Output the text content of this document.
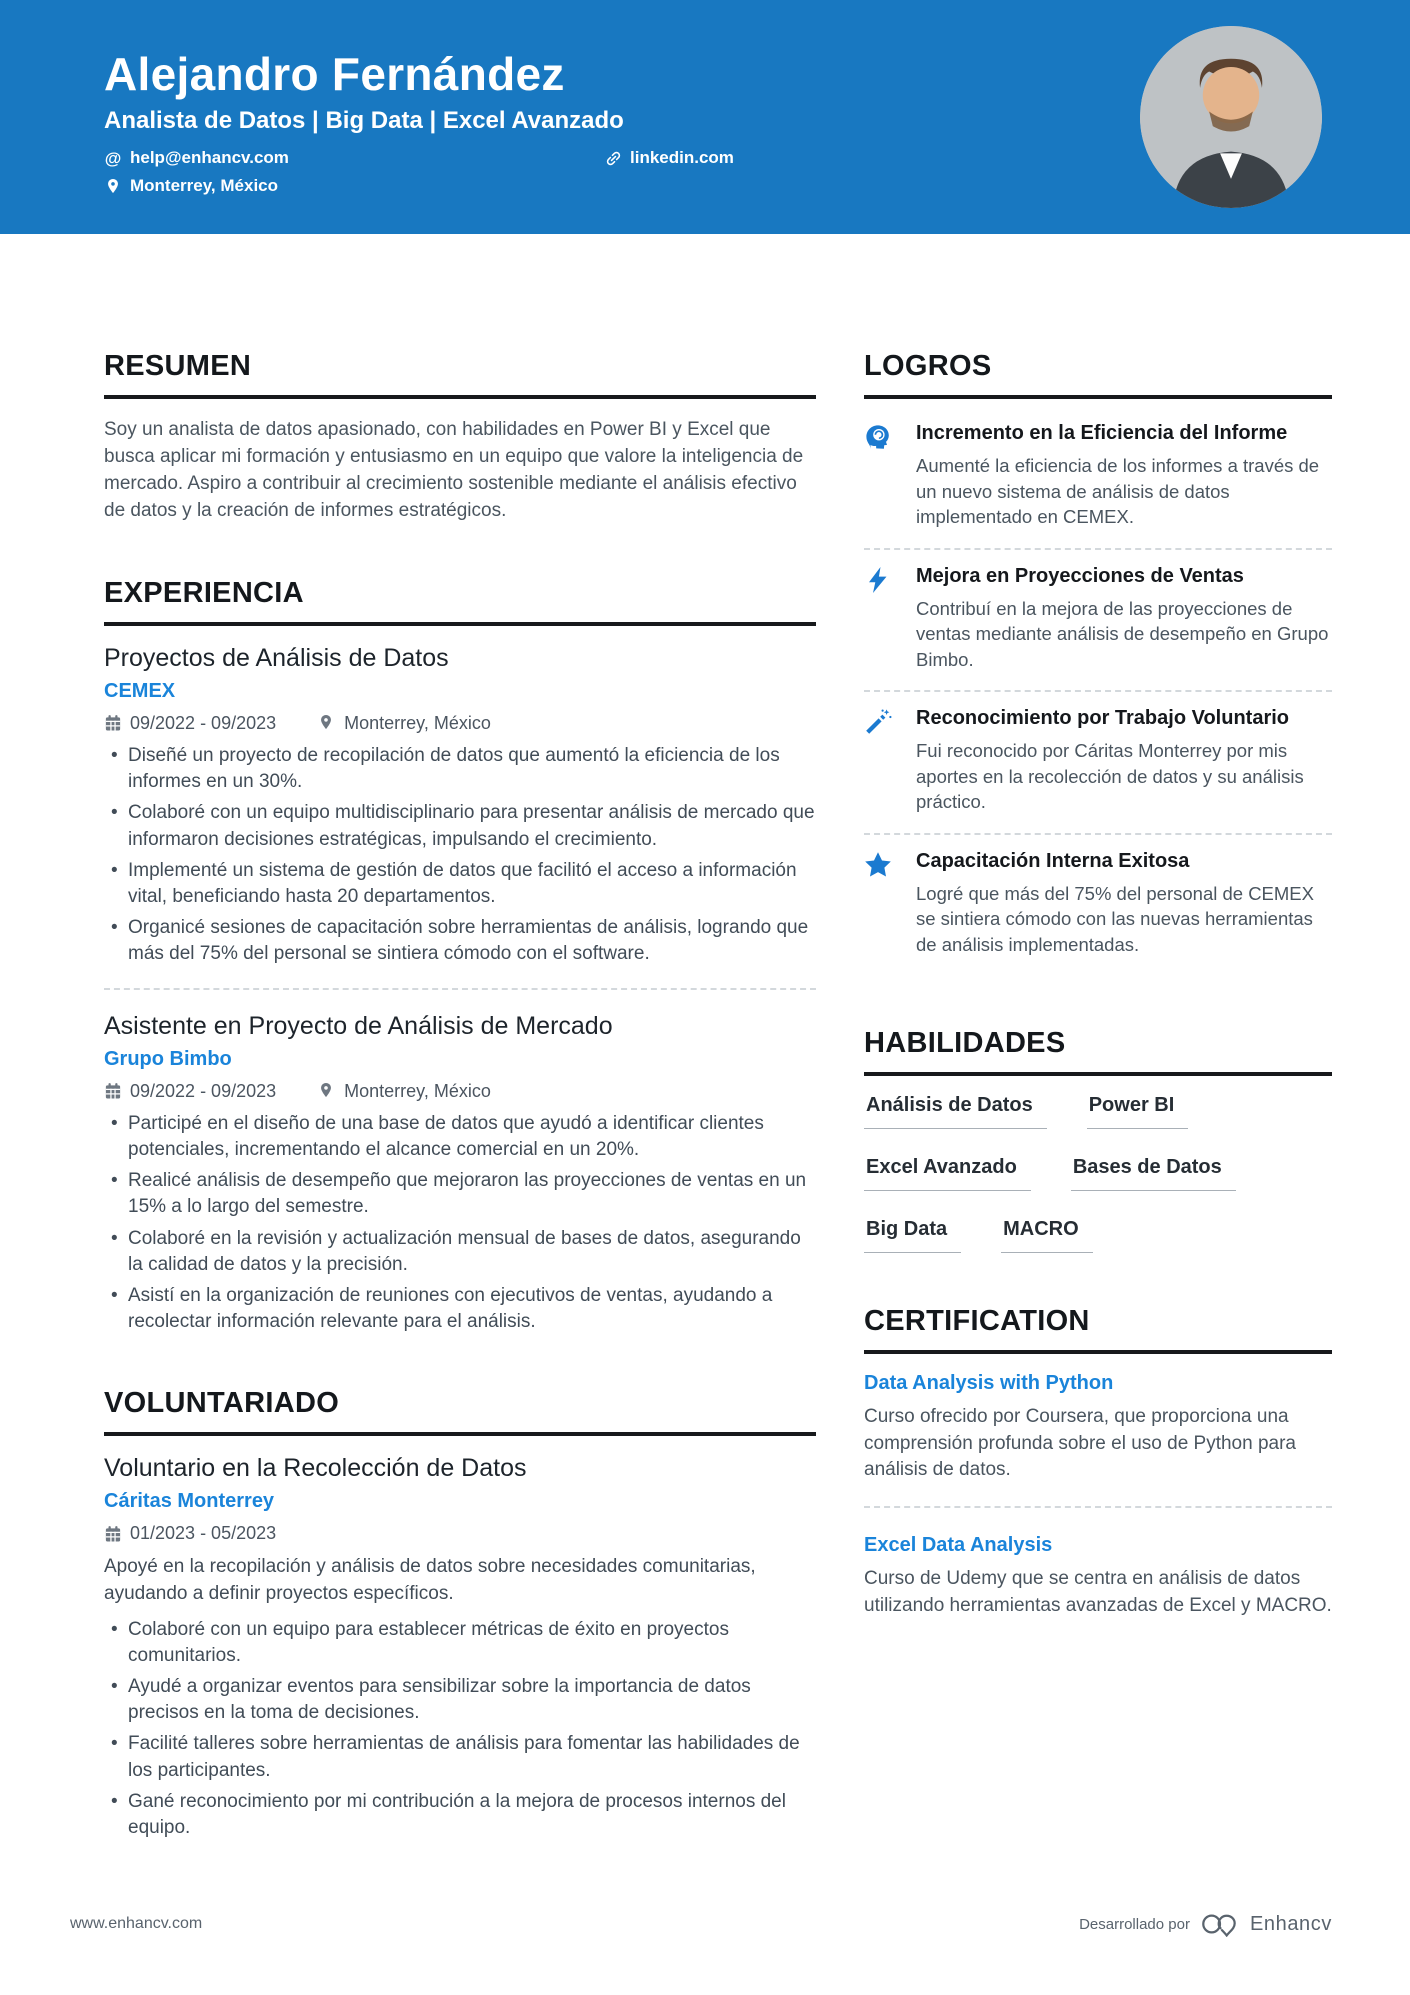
Alejandro Fernández
Analista de Datos | Big Data | Excel Avanzado
@ help@enhancv.com	linkedin.com
Monterrey, México
RESUMEN

Soy un analista de datos apasionado, con habilidades en Power BI y Excel que busca aplicar mi formación y entusiasmo en un equipo que valore la inteligencia de mercado. Aspiro a contribuir al crecimiento sostenible mediante el análisis efectivo de datos y la creación de informes estratégicos.

EXPERIENCIA
Proyectos de Análisis de Datos
CEMEX
09/2022 - 09/2023	Monterrey, México
• Diseñé un proyecto de recopilación de datos que aumentó la eficiencia de los informes en un 30%.
• Colaboré con un equipo multidisciplinario para presentar análisis de mercado que informaron decisiones estratégicas, impulsando el crecimiento.
• Implementé un sistema de gestión de datos que facilitó el acceso a información vital, beneficiando hasta 20 departamentos.
• Organicé sesiones de capacitación sobre herramientas de análisis, logrando que más del 75% del personal se sintiera cómodo con el software.
Asistente en Proyecto de Análisis de Mercado
Grupo Bimbo
09/2022 - 09/2023	Monterrey, México
• Participé en el diseño de una base de datos que ayudó a identificar clientes potenciales, incrementando el alcance comercial en un 20%.
• Realicé análisis de desempeño que mejoraron las proyecciones de ventas en un 15% a lo largo del semestre.
• Colaboré en la revisión y actualización mensual de bases de datos, asegurando la calidad de datos y la precisión.
• Asistí en la organización de reuniones con ejecutivos de ventas, ayudando a recolectar información relevante para el análisis.
VOLUNTARIADO
Voluntario en la Recolección de Datos
Cáritas Monterrey
01/2023 - 05/2023

Apoyé en la recopilación y análisis de datos sobre necesidades comunitarias, ayudando a definir proyectos específicos.

• Colaboré con un equipo para establecer métricas de éxito en proyectos comunitarios.
• Ayudé a organizar eventos para sensibilizar sobre la importancia de datos precisos en la toma de decisiones.
• Facilité talleres sobre herramientas de análisis para fomentar las habilidades de los participantes.
• Gané reconocimiento por mi contribución a la mejora de procesos internos del equipo.
LOGROS
Incremento en la Eficiencia del Informe
Aumenté la eficiencia de los informes a través de un nuevo sistema de análisis de datos implementado en CEMEX.
Mejora en Proyecciones de Ventas
Contribuí en la mejora de las proyecciones de ventas mediante análisis de desempeño en Grupo Bimbo.
Reconocimiento por Trabajo Voluntario
Fui reconocido por Cáritas Monterrey por mis aportes en la recolección de datos y su análisis práctico.
Capacitación Interna Exitosa
Logré que más del 75% del personal de CEMEX se sintiera cómodo con las nuevas herramientas de análisis implementadas.
HABILIDADES
Análisis de Datos	Power BI
Excel Avanzado	Bases de Datos
Big Data	MACRO
CERTIFICATION
Data Analysis with Python
Curso ofrecido por Coursera, que proporciona una comprensión profunda sobre el uso de Python para análisis de datos.
Excel Data Analysis
Curso de Udemy que se centra en análisis de datos utilizando herramientas avanzadas de Excel y MACRO.
www.enhancv.com	Desarrollado por	Enhancv
